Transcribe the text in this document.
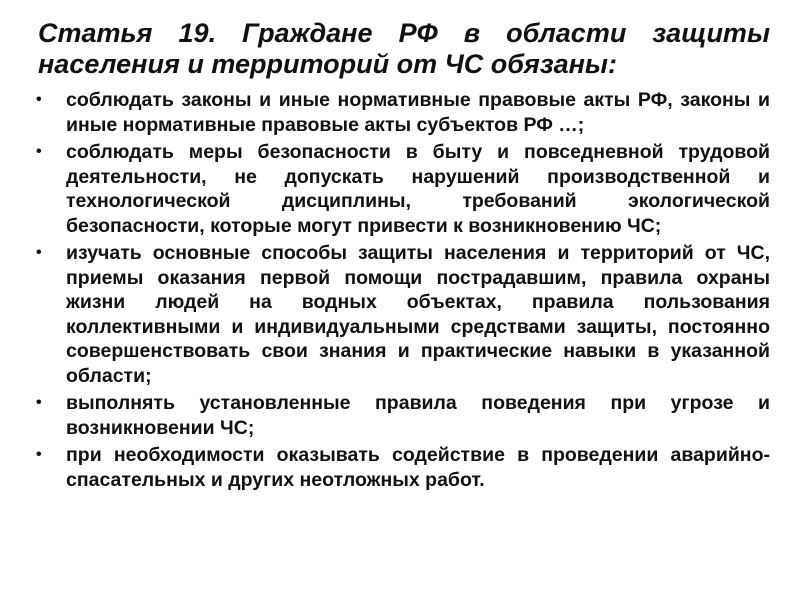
Статья 19. Граждане РФ в области защиты населения и территорий от ЧС обязаны:
•	соблюдать законы и иные нормативные правовые акты РФ, законы и иные нормативные правовые акты субъектов РФ …;
•	соблюдать меры безопасности в быту и повседневной трудовой деятельности, не допускать нарушений производственной и технологической дисциплины, требований экологической безопасности, которые могут привести к возникновению ЧС;
•	изучать основные способы защиты населения и территорий от ЧС, приемы оказания первой помощи пострадавшим, правила охраны жизни людей на водных объектах, правила пользования коллективными и индивидуальными средствами защиты, постоянно совершенствовать свои знания и практические навыки в указанной области;
•	выполнять установленные правила поведения при угрозе и возникновении ЧС;
•	при необходимости оказывать содействие в проведении аварийно-спасательных и других неотложных работ.
